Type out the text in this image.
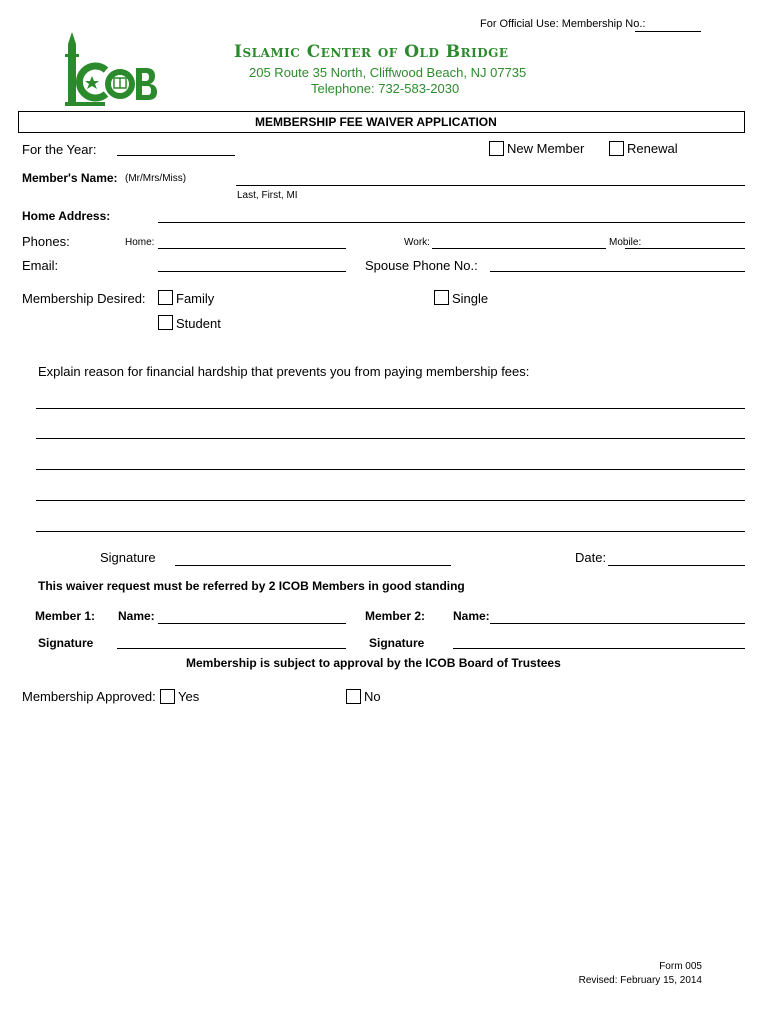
For Official Use: Membership No.:
Islamic Center of Old Bridge
205 Route 35 North, Cliffwood Beach, NJ 07735
Telephone: 732-583-2030
MEMBERSHIP FEE WAIVER APPLICATION
For the Year:	New Member	Renewal
Member's Name: (Mr/Mrs/Miss)
Last, First, MI
Home Address:
Phones:	Home:	Work:	Mobile:
Email:	Spouse Phone No.:
Membership Desired: Family	Single
Student
Explain reason for financial hardship that prevents you from paying membership fees:
Signature	Date:
This waiver request must be referred by 2 ICOB Members in good standing
Member 1: Name:	Member 2: Name:
Signature	Signature
Membership is subject to approval by the ICOB Board of Trustees
Membership Approved: Yes	No
Form 005
Revised: February 15, 2014
